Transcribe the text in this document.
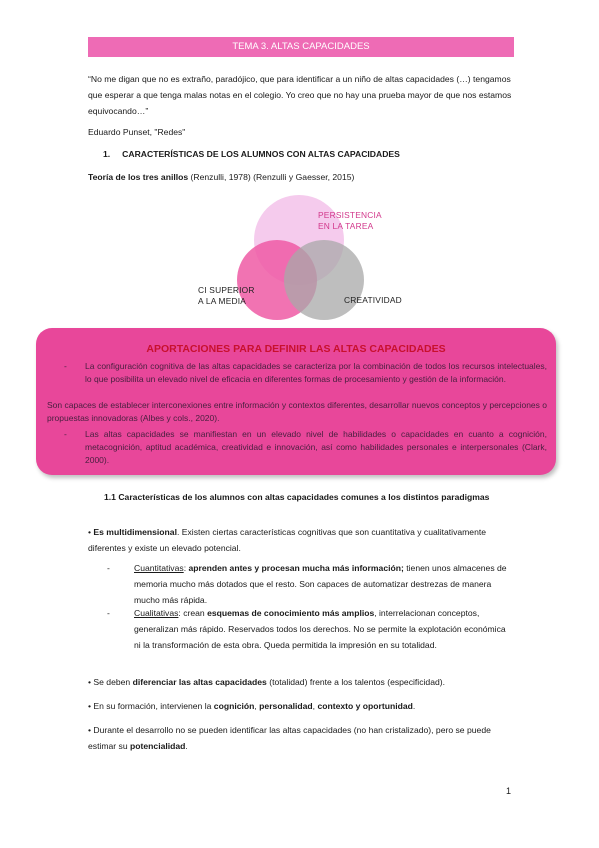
TEMA 3. ALTAS CAPACIDADES
“No me digan que no es extraño, paradójico, que para identificar a un niño de altas capacidades (…) tengamos que esperar a que tenga malas notas en el colegio. Yo creo que no hay una prueba mayor de que nos estamos equivocando…”
Eduardo Punset, "Redes"
1. CARACTERÍSTICAS DE LOS ALUMNOS CON ALTAS CAPACIDADES
Teoría de los tres anillos (Renzulli, 1978) (Renzulli y Gaesser, 2015)
PERSISTENCIA
EN LA TAREA
CI SUPERIOR
A LA MEDIA	CREATIVIDAD
APORTACIONES PARA DEFINIR LAS ALTAS CAPACIDADES
- La configuración cognitiva de las altas capacidades se caracteriza por la combinación de todos los recursos intelectuales, lo que posibilita un elevado nivel de eficacia en diferentes formas de procesamiento y gestión de la información.
Son capaces de establecer interconexiones entre información y contextos diferentes, desarrollar nuevos conceptos y percepciones o propuestas innovadoras (Albes y cols., 2020).
- Las altas capacidades se manifiestan en un elevado nivel de habilidades o capacidades en cuanto a cognición, metacognición, aptitud académica, creatividad e innovación, así como habilidades personales e interpersonales (Clark, 2000).
1.1 Características de los alumnos con altas capacidades comunes a los distintos paradigmas
• Es multidimensional. Existen ciertas características cognitivas que son cuantitativa y cualitativamente diferentes y existe un elevado potencial.
-	Cuantitativas: aprenden antes y procesan mucha más información; tienen unos almacenes de memoria mucho más dotados que el resto. Son capaces de automatizar destrezas de manera mucho más rápida.
-	Cualitativas: crean esquemas de conocimiento más amplios, interrelacionan conceptos, generalizan más rápido. Reservados todos los derechos. No se permite la explotación económica ni la transformación de esta obra. Queda permitida la impresión en su totalidad.
• Se deben diferenciar las altas capacidades (totalidad) frente a los talentos (especificidad).
• En su formación, intervienen la cognición, personalidad, contexto y oportunidad.
• Durante el desarrollo no se pueden identificar las altas capacidades (no han cristalizado), pero se puede estimar su potencialidad.
1
